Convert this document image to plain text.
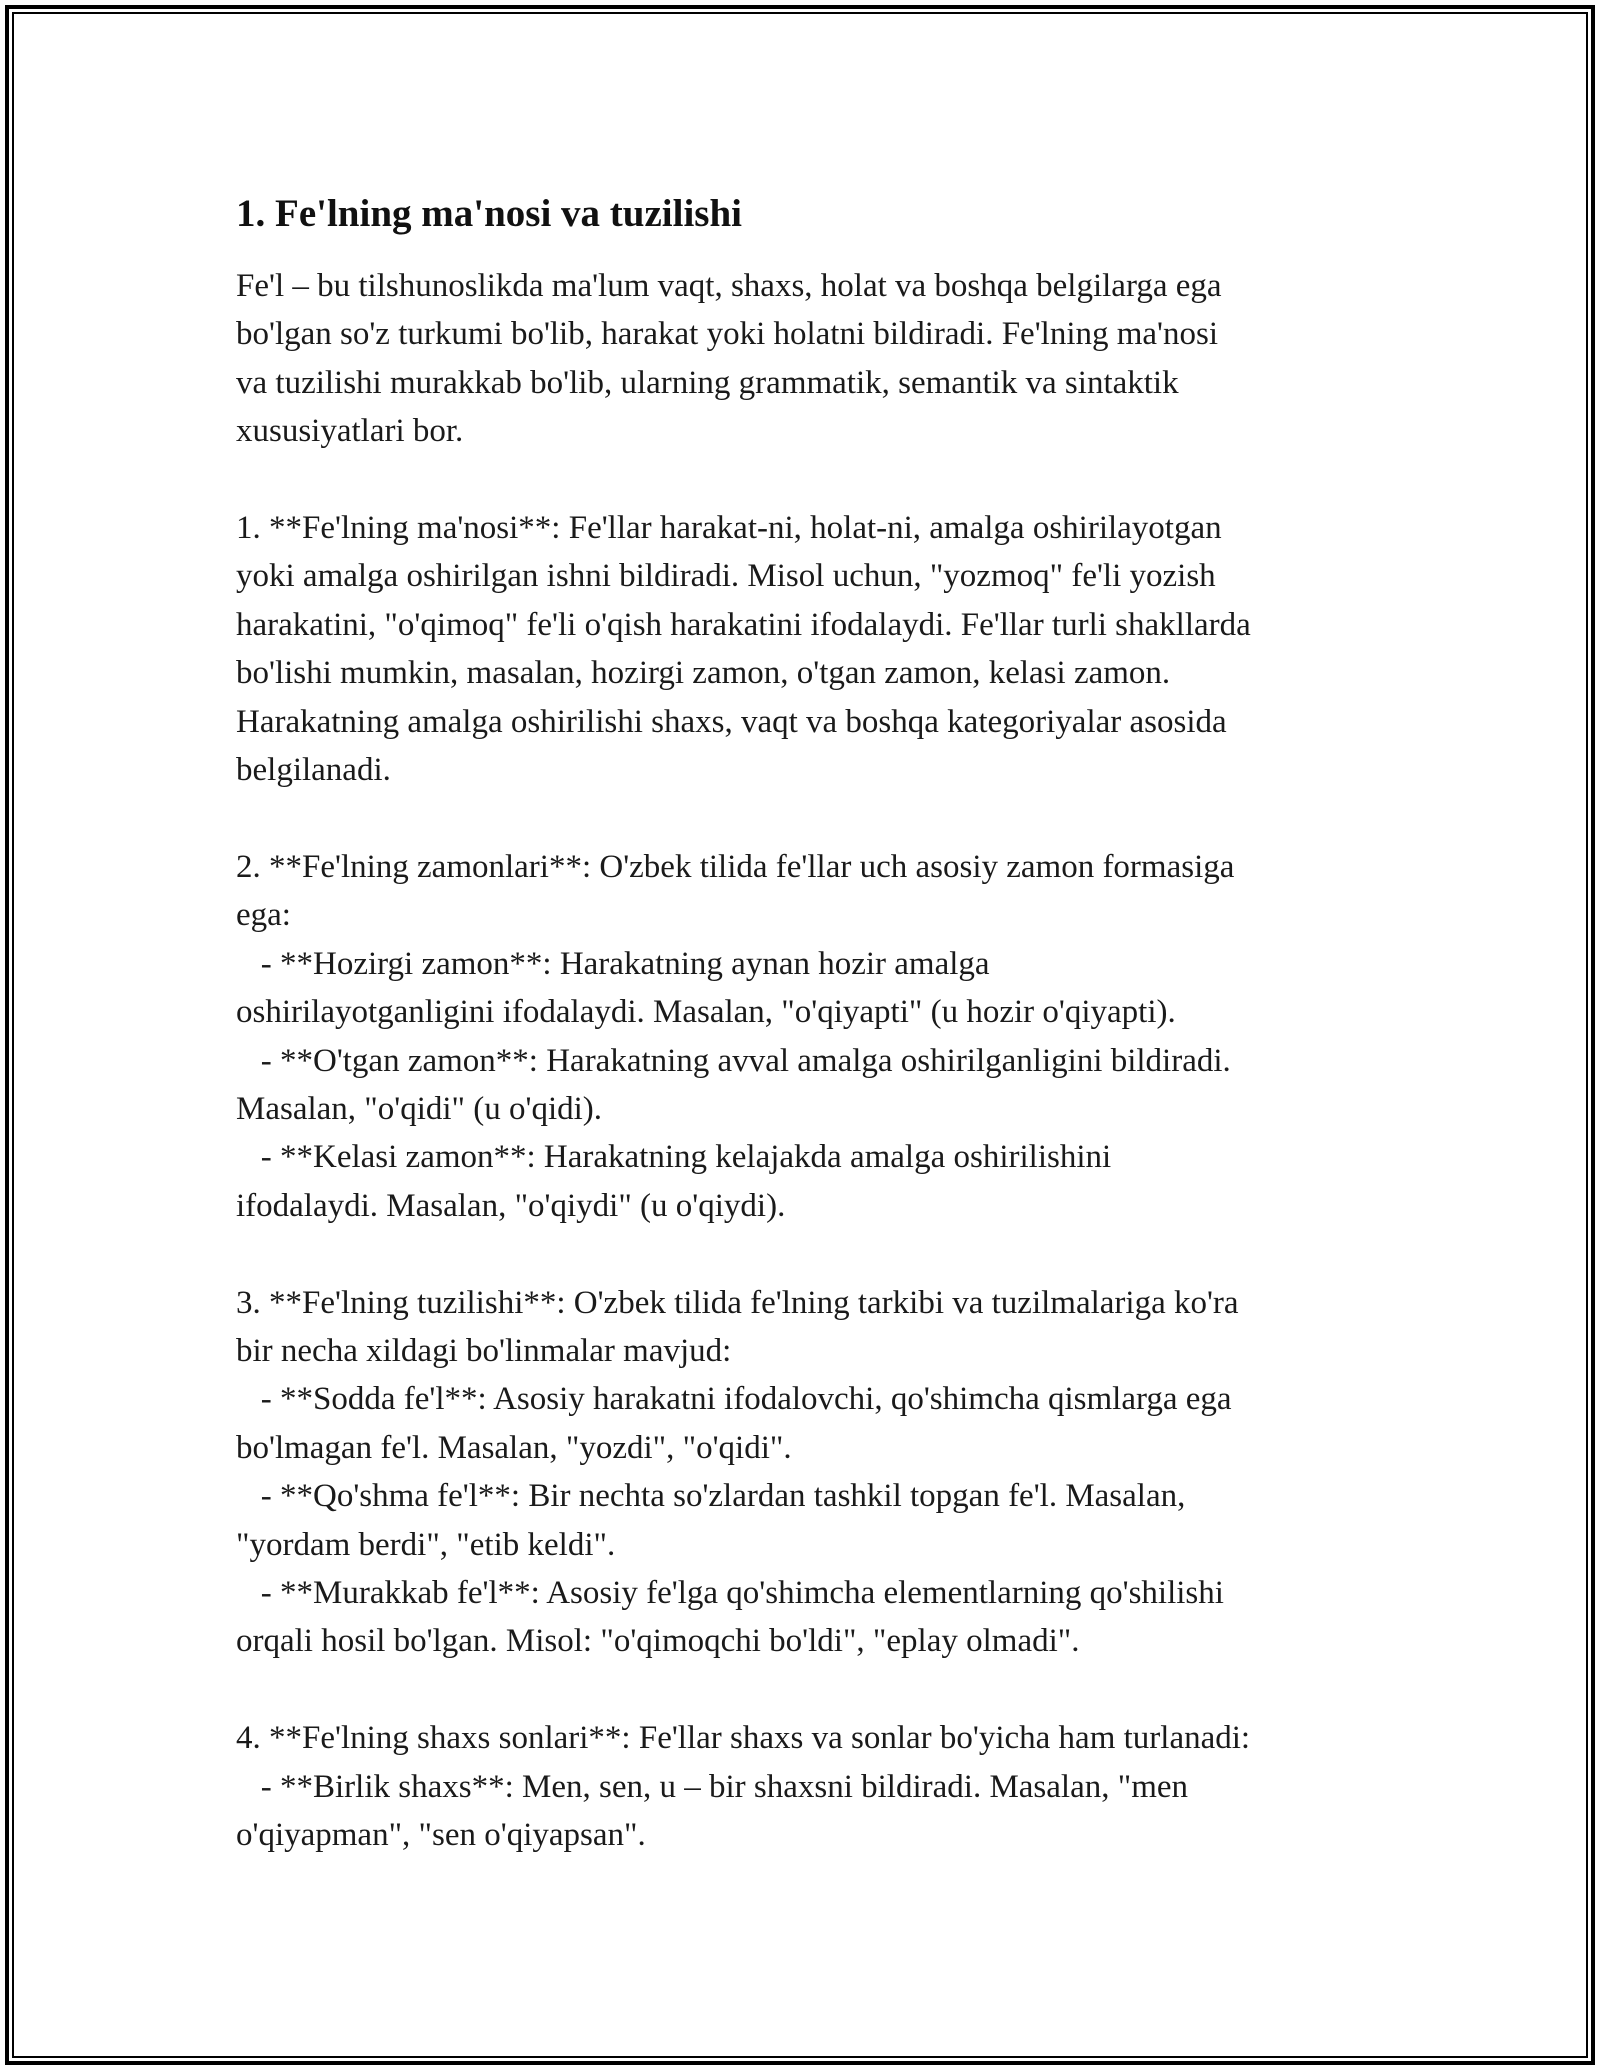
1. Fe'lning ma'nosi va tuzilishi
Fe'l – bu tilshunoslikda ma'lum vaqt, shaxs, holat va boshqa belgilarga ega
bo'lgan so'z turkumi bo'lib, harakat yoki holatni bildiradi. Fe'lning ma'nosi
va tuzilishi murakkab bo'lib, ularning grammatik, semantik va sintaktik
xususiyatlari bor.

1. **Fe'lning ma'nosi**: Fe'llar harakat-ni, holat-ni, amalga oshirilayotgan
yoki amalga oshirilgan ishni bildiradi. Misol uchun, "yozmoq" fe'li yozish
harakatini, "o'qimoq" fe'li o'qish harakatini ifodalaydi. Fe'llar turli shakllarda
bo'lishi mumkin, masalan, hozirgi zamon, o'tgan zamon, kelasi zamon.
Harakatning amalga oshirilishi shaxs, vaqt va boshqa kategoriyalar asosida
belgilanadi.

2. **Fe'lning zamonlari**: O'zbek tilida fe'llar uch asosiy zamon formasiga
ega:
- **Hozirgi zamon**: Harakatning aynan hozir amalga
oshirilayotganligini ifodalaydi. Masalan, "o'qiyapti" (u hozir o'qiyapti).
- **O'tgan zamon**: Harakatning avval amalga oshirilganligini bildiradi.
Masalan, "o'qidi" (u o'qidi).
- **Kelasi zamon**: Harakatning kelajakda amalga oshirilishini
ifodalaydi. Masalan, "o'qiydi" (u o'qiydi).

3. **Fe'lning tuzilishi**: O'zbek tilida fe'lning tarkibi va tuzilmalariga ko'ra
bir necha xildagi bo'linmalar mavjud:
- **Sodda fe'l**: Asosiy harakatni ifodalovchi, qo'shimcha qismlarga ega
bo'lmagan fe'l. Masalan, "yozdi", "o'qidi".
- **Qo'shma fe'l**: Bir nechta so'zlardan tashkil topgan fe'l. Masalan,
"yordam berdi", "etib keldi".
- **Murakkab fe'l**: Asosiy fe'lga qo'shimcha elementlarning qo'shilishi
orqali hosil bo'lgan. Misol: "o'qimoqchi bo'ldi", "eplay olmadi".

4. **Fe'lning shaxs sonlari**: Fe'llar shaxs va sonlar bo'yicha ham turlanadi:
- **Birlik shaxs**: Men, sen, u – bir shaxsni bildiradi. Masalan, "men
o'qiyapman", "sen o'qiyapsan".
